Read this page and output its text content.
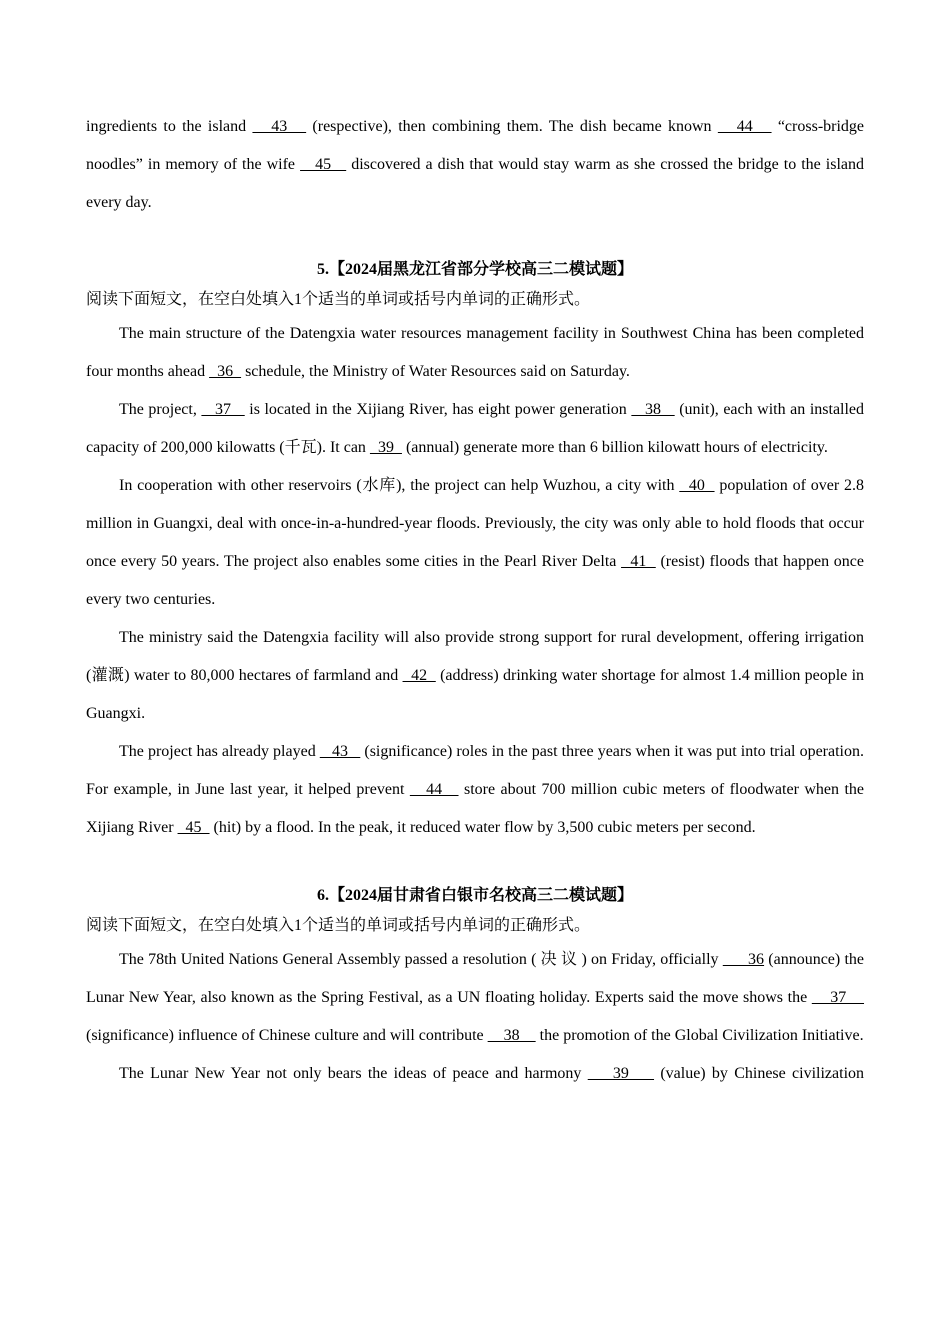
ingredients to the island    43    (respective), then combining them. The dish became known    44    “cross-bridge noodles” in memory of the wife    45    discovered a dish that would stay warm as she crossed the bridge to the island every day.

5.【2024届黑龙江省部分学校高三二模试题】

阅读下面短文，在空白处填入1个适当的单词或括号内单词的正确形式。

The main structure of the Datengxia water resources management facility in Southwest China has been completed four months ahead   36   schedule, the Ministry of Water Resources said on Saturday.

The project,    37    is located in the Xijiang River, has eight power generation    38    (unit), each with an installed capacity of 200,000 kilowatts (千瓦). It can   39   (annual) generate more than 6 billion kilowatt hours of electricity.

In cooperation with other reservoirs (水库), the project can help Wuzhou, a city with   40   population of over 2.8 million in Guangxi, deal with once-in-a-hundred-year floods. Previously, the city was only able to hold floods that occur once every 50 years. The project also enables some cities in the Pearl River Delta   41   (resist) floods that happen once every two centuries.

The ministry said the Datengxia facility will also provide strong support for rural development, offering irrigation (灌溉) water to 80,000 hectares of farmland and   42   (address) drinking water shortage for almost 1.4 million people in Guangxi.

The project has already played    43    (significance) roles in the past three years when it was put into trial operation. For example, in June last year, it helped prevent    44    store about 700 million cubic meters of floodwater when the Xijiang River   45   (hit) by a flood. In the peak, it reduced water flow by 3,500 cubic meters per second.

6.【2024届甘肃省白银市名校高三二模试题】

阅读下面短文，在空白处填入1个适当的单词或括号内单词的正确形式。

The 78th United Nations General Assembly passed a resolution ( 决 议 ) on Friday, officially       36 (announce) the Lunar New Year, also known as the Spring Festival, as a UN floating holiday. Experts said the move shows the     37     (significance) influence of Chinese culture and will contribute     38     the promotion of the Global Civilization Initiative.

The Lunar New Year not only bears the ideas of peace and harmony     39     (value) by Chinese civilization
